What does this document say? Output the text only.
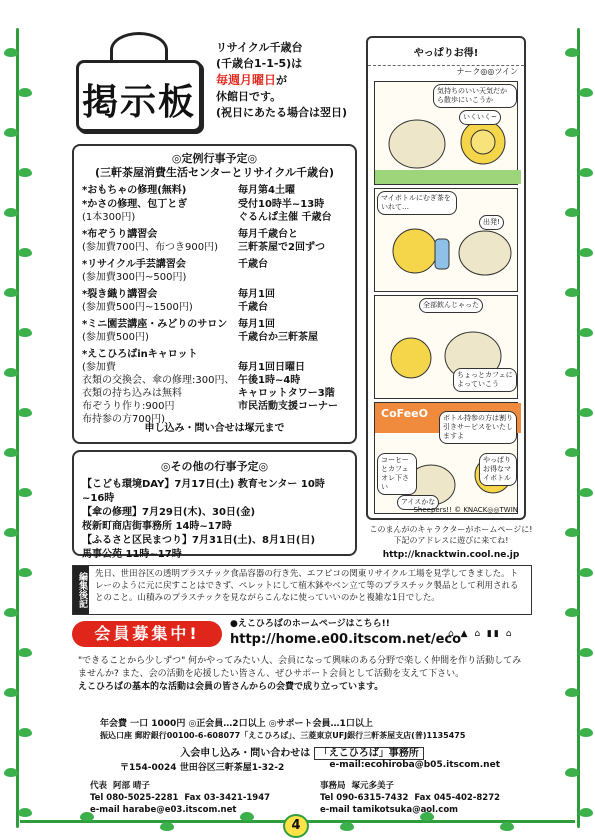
掲示板
リサイクル千歳台
(千歳台1-1-5)は
毎週月曜日が
休館日です。
(祝日にあたる場合は翌日)
◎定例行事予定◎
(三軒茶屋消費生活センターとリサイクル千歳台)
*おもちゃの修理(無料)	毎月第4土曜
*かさの修理、包丁とぎ	受付10時半~13時
(1本300円)	ぐるんぱ主催 千歳台
*布ぞうり講習会	毎月千歳台と
(参加費700円、布つき900円)	三軒茶屋で2回ずつ
*リサイクル手芸講習会	千歳台
(参加費300円~500円)
*裂き織り講習会	毎月1回
(参加費500円~1500円)	千歳台
*ミニ園芸講座・みどりのサロン	毎月1回
(参加費500円)	千歳台か三軒茶屋
*えこひろばinキャロット
(参加費	毎月1回日曜日
衣類の交換会、傘の修理:300円、 午後1時~4時
衣類の持ち込みは無料	キャロットタワー3階
布ぞうり作り:900円	市民活動支援コーナー
布持参の方700円)
申し込み・問い合せは塚元まで
◎その他の行事予定◎
【こども環境DAY】7月17日(土) 教育センター 10時~16時
【傘の修理】7月29日(木)、30日(金)
桜新町商店街事務所 14時~17時
【ふるさと区民まつり】7月31日(土)、8月1日(日)
馬事公苑 11時~17時
やっぱりお得!
ナーク◎◎ツイン
気持ちのいい天気だから散歩にいこうか
いくいく~
マイボトルにむぎ茶をいれて…
出発!
全部飲んじゃった
ちょっとカフェによっていこう
CoFeeO	ボトル持参の方は割り引きサービスをいたしますよ
コーヒーとカフェオレ下さい
やっぱりお得なマイボトル
アイスかな
Sheepers!! © KNACK◎◎TWIN
このまんがのキャラクターがホームページに!
下記のアドレスに遊びに来てね!
http://knacktwin.cool.ne.jp
編集後記 先日、世田谷区の透明プラスチック食品容器の行き先、エフピコの関東リサイクル工場を見学してきました。トレーのように元に戻すことはできず、ペレットにして植木鉢やベン立て等のプラスチック製品として利用されるとのこと。山積みのプラスチックを見ながらこんなに使っていいのかと複雑な1日でした。
会員募集中!	●えこひろばのホームページはこちら!!
http://home.e00.itscom.net/eco
⌂ ▲ ⌂ ▮▮ ⌂
"できることから少しずつ" 何かやってみたい人、会員になって興味のある分野で楽しく仲間を作り活動してみませんか? また、会の活動を応援したい皆さん、ぜひサポート会員として活動を支えて下さい。
えこひろばの基本的な活動は会員の皆さんからの会費で成り立っています。
年会費 一口 1000円 ◎正会員…2口以上 ◎サポート会員…1口以上
振込口座 郵貯銀行00100-6-608077「えこひろば」、三菱東京UFJ銀行三軒茶屋支店(普)1135475
入会申し込み・問い合わせは 「えこひろば」事務所
〒154-0024 世田谷区三軒茶屋1-32-2	e-mail:ecohiroba@b05.itscom.net
代表 阿部 晴子
Tel 080-5025-2281 Fax 03-3421-1947
e-mail harabe@e03.itscom.net
事務局 塚元多美子
Tel 090-6315-7432 Fax 045-402-8272
e-mail tamikotsuka@aol.com
4
